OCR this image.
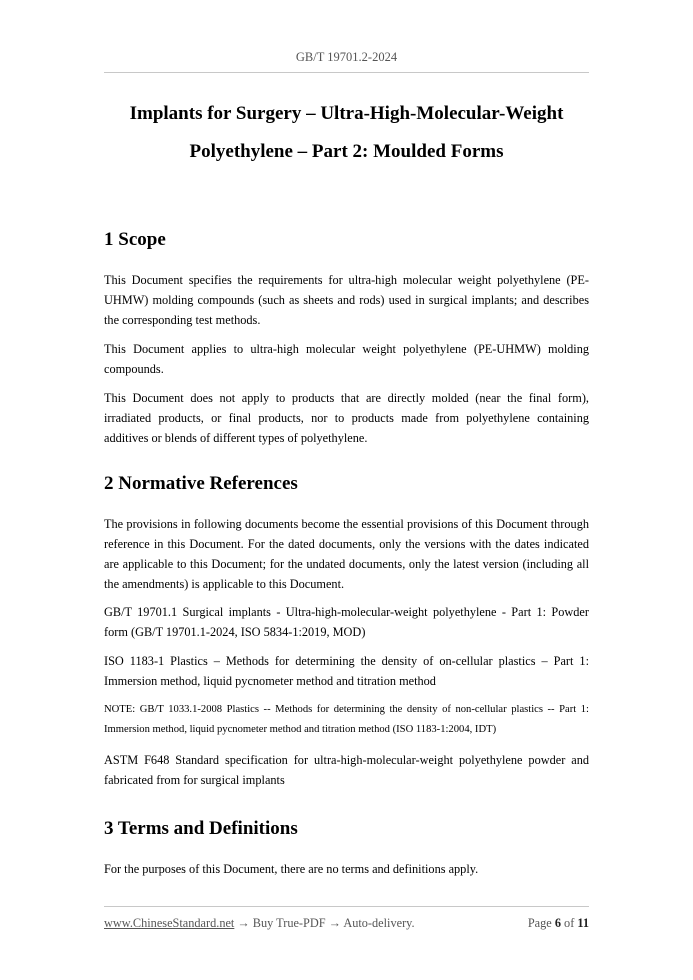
GB/T 19701.2-2024
Implants for Surgery – Ultra-High-Molecular-Weight
Polyethylene – Part 2: Moulded Forms
1 Scope

This Document specifies the requirements for ultra-high molecular weight polyethylene (PE-UHMW) molding compounds (such as sheets and rods) used in surgical implants; and describes the corresponding test methods.

This Document applies to ultra-high molecular weight polyethylene (PE-UHMW) molding compounds.

This Document does not apply to products that are directly molded (near the final form), irradiated products, or final products, nor to products made from polyethylene containing additives or blends of different types of polyethylene.

2 Normative References

The provisions in following documents become the essential provisions of this Document through reference in this Document. For the dated documents, only the versions with the dates indicated are applicable to this Document; for the undated documents, only the latest version (including all the amendments) is applicable to this Document.

GB/T 19701.1 Surgical implants - Ultra-high-molecular-weight polyethylene - Part 1: Powder form (GB/T 19701.1-2024, ISO 5834-1:2019, MOD)

ISO 1183-1 Plastics – Methods for determining the density of on-cellular plastics – Part 1: Immersion method, liquid pycnometer method and titration method

NOTE: GB/T 1033.1-2008 Plastics -- Methods for determining the density of non-cellular plastics -- Part 1: Immersion method, liquid pycnometer method and titration method (ISO 1183-1:2004, IDT)

ASTM F648 Standard specification for ultra-high-molecular-weight polyethylene powder and fabricated from for surgical implants

3 Terms and Definitions

For the purposes of this Document, there are no terms and definitions apply.

www.ChineseStandard.net → Buy True-PDF → Auto-delivery.	Page 6 of 11
